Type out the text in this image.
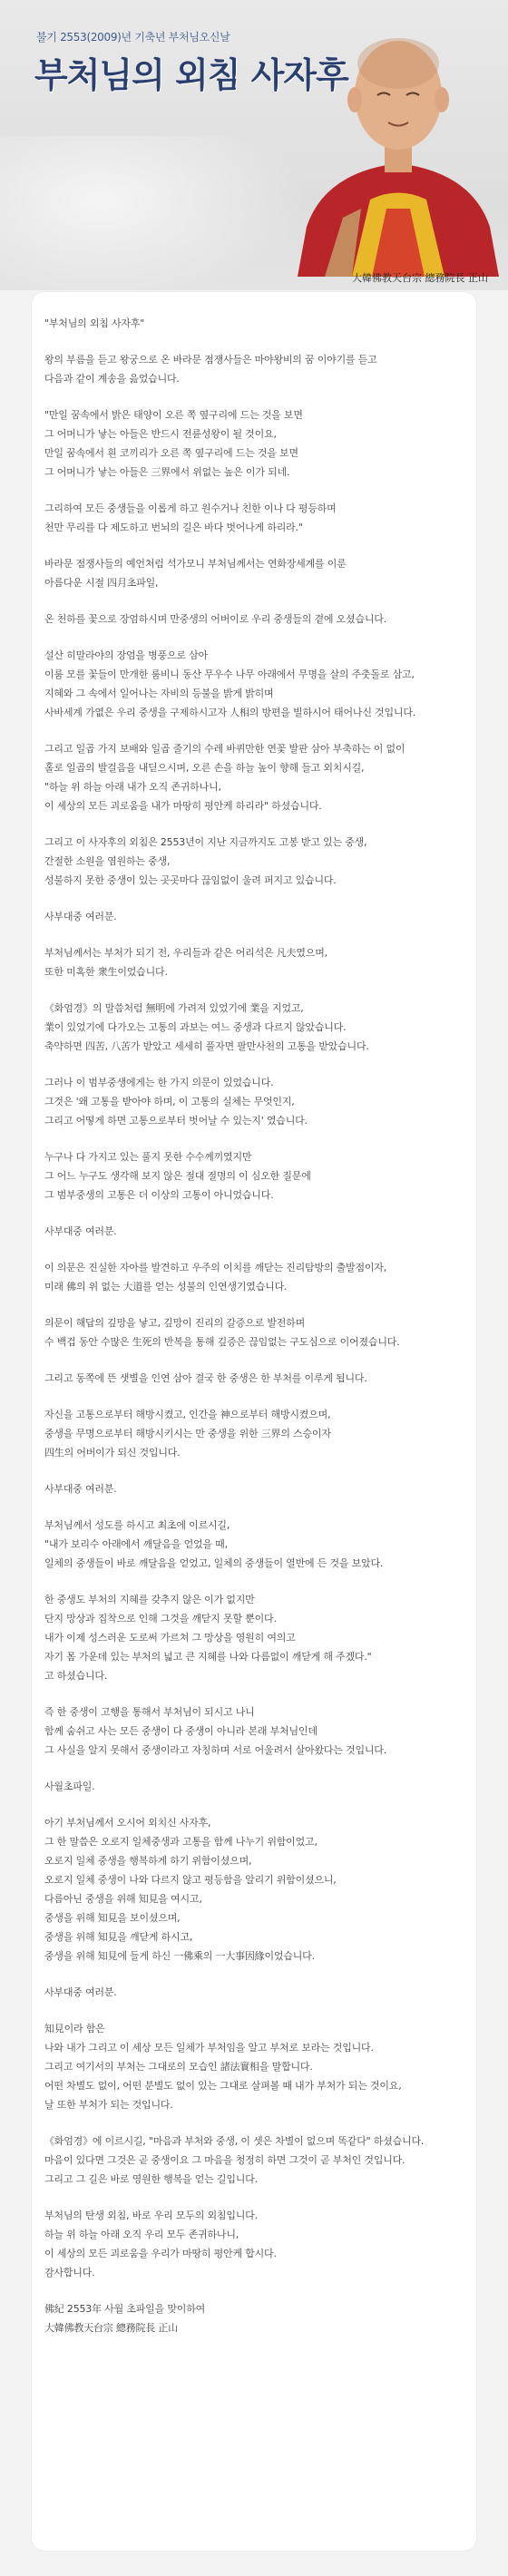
불기 2553(2009)년 기축년 부처님오신날
부처님의 외침 사자후
大韓佛教天台宗 總務院長 正山

"부처님의 외침 사자후"

왕의 부름을 듣고 왕궁으로 온 바라문 점쟁사들은 마야왕비의 꿈 이야기를 듣고
다음과 같이 계송을 읊었습니다.

"만일 꿈속에서 밝은 태양이 오른 쪽 옆구리에 드는 것을 보면
그 어머니가 낳는 아들은 반드시 전륜성왕이 될 것이요,
만일 꿈속에서 흰 코끼리가 오른 쪽 옆구리에 드는 것을 보면
그 어머니가 낳는 아들은 三界에서 위없는 높은 이가 되네.

그리하여 모든 중생들을 이롭게 하고 원수거나 친한 이나 다 평등하며
천만 무리를 다 제도하고 번뇌의 길은 바다 벗어나게 하리라."

바라문 점쟁사들의 예언처럼 석가모니 부처님께서는 연화장세계를 이룬
아름다운 시절 四月초파일,

온 천하를 꽃으로 장엄하시며 만중생의 어버이로 우리 중생들의 곁에 오셨습니다.

설산 히말라야의 장엄을 병풍으로 삼아
이룸 모를 꽃들이 만개한 룸비니 동산 무우수 나무 아래에서 무명을 살의 주춧돌로 삼고,
지혜와 그 속에서 일어나는 자비의 등불을 밝게 밝히며
사바세계 가엾은 우리 중생을 구제하시고자 人相의 방편을 빌하시어 태어나신 것입니다.

그리고 일곱 가지 보배와 일곱 줄기의 수레 바퀴만한 연꽃 발판 삼아 부축하는 이 없이
홀로 일곱의 발걸음을 내딛으시며, 오른 손을 하늘 높이 향해 들고 외치시길,
"하늘 위 하늘 아래 내가 오직 존귀하나니,
이 세상의 모든 괴로움을 내가 마땅히 평안케 하리라" 하셨습니다.

그리고 이 사자후의 외침은 2553년이 지난 지금까지도 고봉 받고 있는 중생,
간절한 소원을 염원하는 중생,
성불하지 못한 중생이 있는 곳곳마다 끊임없이 울려 퍼지고 있습니다.

사부대중 여러분.

부처님께서는 부처가 되기 전, 우리들과 같은 어리석은 凡夫였으며,
또한 미혹한 衆生이었습니다.

《화엄경》의 말씀처럼 無明에 가려져 있었기에 業을 지었고,
業이 있었기에 다가오는 고통의 과보는 여느 중생과 다르지 않았습니다.
축약하면 四苦, 八苦가 받았고 세세히 풀자면 팔만사천의 고통을 받았습니다.

그러나 이 범부중생에게는 한 가지 의문이 있었습니다.
그것은 '왜 고통을 받아야 하며, 이 고통의 실체는 무엇인지,
그리고 어떻게 하면 고통으로부터 벗어날 수 있는지' 였습니다.

누구나 다 가지고 있는 풀지 못한 수수께끼였지만
그 어느 누구도 생각해 보지 않은 절대 절명의 이 심오한 질문에
그 범부중생의 고통은 더 이상의 고통이 아니었습니다.

사부대중 여러분.

이 의문은 진실한 자아를 발견하고 우주의 이치를 깨닫는 진리탐방의 출발점이자,
미래 佛의 위 없는 大道를 얻는 성불의 인연생기였습니다.

의문이 해답의 깊망을 낳고, 깊망이 진리의 갈증으로 발전하며
수 백겁 동안 수많은 生死의 반복을 통해 깊증은 끊임없는 구도심으로 이어졌습니다.

그리고 동쪽에 뜬 샛별을 인연 삼아 결국 한 중생은 한 부처를 이루게 됩니다.

자신을 고통으로부터 해방시켰고, 인간을 神으로부터 해방시켰으며,
중생을 무명으로부터 해방시키시는 만 중생을 위한 三界의 스승이자
四生의 어버이가 되신 것입니다.

사부대중 여러분.

부처님께서 성도를 하시고 최초에 이르시길,
"내가 보리수 아래에서 깨달음을 얻었을 때,
일체의 중생들이 바로 깨달음을 얻었고, 일체의 중생들이 열반에 든 것을 보았다.

한 중생도 부처의 지혜를 갖추지 않은 이가 없지만
단지 망상과 집착으로 인해 그것을 깨닫지 못할 뿐이다.
내가 이제 성스러운 도로써 가르쳐 그 망상을 영원히 여의고
자기 몸 가운데 있는 부처의 넓고 큰 지혜를 나와 다름없이 깨닫게 해 주겠다."
고 하셨습니다.

즉 한 중생이 고행을 통해서 부처님이 되시고 나니
함께 숨쉬고 사는 모든 중생이 다 중생이 아니라 본래 부처님인데
그 사실을 알지 못해서 중생이라고 자칭하며 서로 어울려서 살아왔다는 것입니다.

사월초파일.

아기 부처님께서 오시어 외치신 사자후,
그 한 말씀은 오로지 일체중생과 고통을 함께 나누기 위함이었고,
오로지 일체 중생을 행복하게 하기 위함이셨으며,
오로지 일체 중생이 나와 다르지 않고 평등함을 알리기 위함이셨으니,
다름아닌 중생을 위해 知見을 여시고,
중생을 위해 知見을 보이셨으며,
중생을 위해 知見을 깨닫게 하시고,
중생을 위해 知見에 들게 하신 一佛乘의 一大事因緣이었습니다.

사부대중 여러분.

知見이라 함은
나와 내가 그리고 이 세상 모든 일체가 부처임을 알고 부처로 보라는 것입니다.
그리고 여기서의 부처는 그대로의 모습인 諸法實相을 말합니다.
어떤 차별도 없이, 어떤 분별도 없이 있는 그대로 살펴볼 때 내가 부처가 되는 것이요,
날 또한 부처가 되는 것입니다.

《화엄경》에 이르시길, "마음과 부처와 중생, 이 셋은 차별이 없으며 똑같다" 하셨습니다.
마음이 있다면 그것은 곧 중생이요 그 마음을 청정히 하면 그것이 곧 부처인 것입니다.
그리고 그 길은 바로 영원한 행복을 얻는 길입니다.

부처님의 탄생 외침, 바로 우리 모두의 외침입니다.
하늘 위 하늘 아래 오직 우리 모두 존귀하나니,
이 세상의 모든 괴로움을 우리가 마땅히 평안케 합시다.
감사합니다.

佛紀 2553年 사월 초파일을 맞이하여
大韓佛教天台宗 總務院長 正山
